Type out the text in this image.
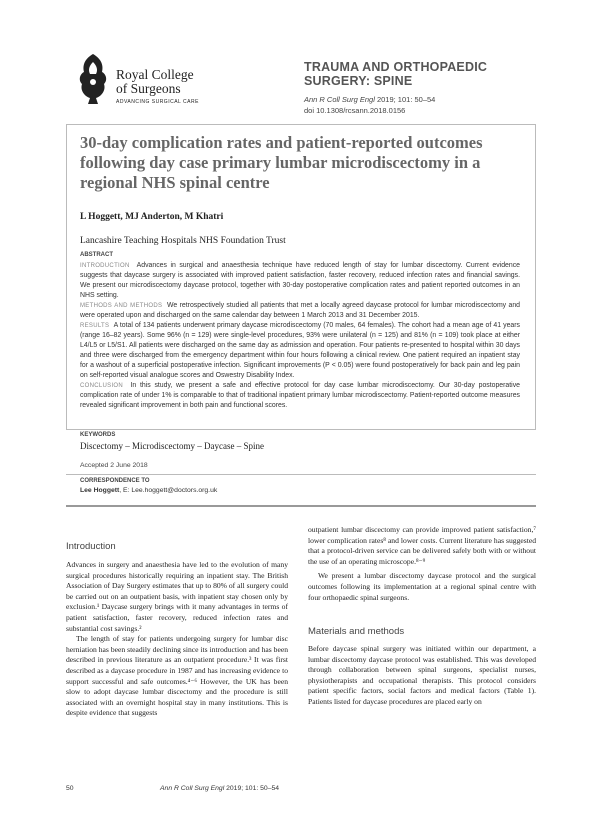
Royal College
of Surgeons
ADVANCING SURGICAL CARE
TRAUMA AND ORTHOPAEDIC
SURGERY: SPINE
Ann R Coll Surg Engl 2019; 101: 50–54
doi 10.1308/rcsann.2018.0156
30-day complication rates and patient-reported outcomes following day case primary lumbar microdiscectomy in a regional NHS spinal centre
L Hoggett, MJ Anderton, M Khatri
Lancashire Teaching Hospitals NHS Foundation Trust
ABSTRACT

INTRODUCTION Advances in surgical and anaesthesia technique have reduced length of stay for lumbar discectomy. Current evidence suggests that daycase surgery is associated with improved patient satisfaction, faster recovery, reduced infection rates and financial savings. We present our microdiscectomy daycase protocol, together with 30-day postoperative complication rates and patient reported outcomes in an NHS setting.

METHODS AND METHODS We retrospectively studied all patients that met a locally agreed daycase protocol for lumbar microdiscectomy and were operated upon and discharged on the same calendar day between 1 March 2013 and 31 December 2015.

RESULTS A total of 134 patients underwent primary daycase microdiscectomy (70 males, 64 females). The cohort had a mean age of 41 years (range 16–82 years). Some 96% (n = 129) were single-level procedures, 93% were unilateral (n = 125) and 81% (n = 109) took place at either L4/L5 or L5/S1. All patients were discharged on the same day as admission and operation. Four patients re-presented to hospital within 30 days and three were discharged from the emergency department within four hours following a clinical review. One patient required an inpatient stay for a washout of a superficial postoperative infection. Significant improvements (P < 0.05) were found postoperatively for back pain and leg pain on self-reported visual analogue scores and Oswestry Disability Index.

CONCLUSION In this study, we present a safe and effective protocol for day case lumbar microdiscectomy. Our 30-day postoperative complication rate of under 1% is comparable to that of traditional inpatient primary lumbar microdiscectomy. Patient-reported outcome measures revealed significant improvement in both pain and functional scores.

KEYWORDS
Discectomy – Microdiscectomy – Daycase – Spine
Accepted 2 June 2018
CORRESPONDENCE TO
Lee Hoggett, E: Lee.hoggett@doctors.org.uk
Introduction

Advances in surgery and anaesthesia have led to the evolution of many surgical procedures historically requiring an inpatient stay. The British Association of Day Surgery estimates that up to 80% of all surgery could be carried out on an outpatient basis, with inpatient stay chosen only by exclusion.¹ Daycase surgery brings with it many advantages in terms of patient satisfaction, faster recovery, reduced infection rates and substantial cost savings.²

The length of stay for patients undergoing surgery for lumbar disc herniation has been steadily declining since its introduction and has been described in previous literature as an outpatient procedure.³ It was first described as a daycase procedure in 1987 and has increasing evidence to support successful and safe outcomes.⁴⁻⁶ However, the UK has been slow to adopt daycase lumbar discectomy and the procedure is still associated with an overnight hospital stay in many institutions. This is despite evidence that suggests

outpatient lumbar discectomy can provide improved patient satisfaction,⁷ lower complication rates⁸ and lower costs. Current literature has suggested that a protocol-driven service can be delivered safely both with or without the use of an operating microscope.⁸⁻⁹

We present a lumbar discectomy daycase protocol and the surgical outcomes following its implementation at a regional spinal centre with four orthopaedic spinal surgeons.

Materials and methods

Before daycase spinal surgery was initiated within our department, a lumbar discectomy daycase protocol was established. This was developed through collaboration between spinal surgeons, specialist nurses, physiotherapists and occupational therapists. This protocol considers patient specific factors, social factors and medical factors (Table 1). Patients listed for daycase procedures are placed early on

50	Ann R Coll Surg Engl 2019; 101: 50–54
